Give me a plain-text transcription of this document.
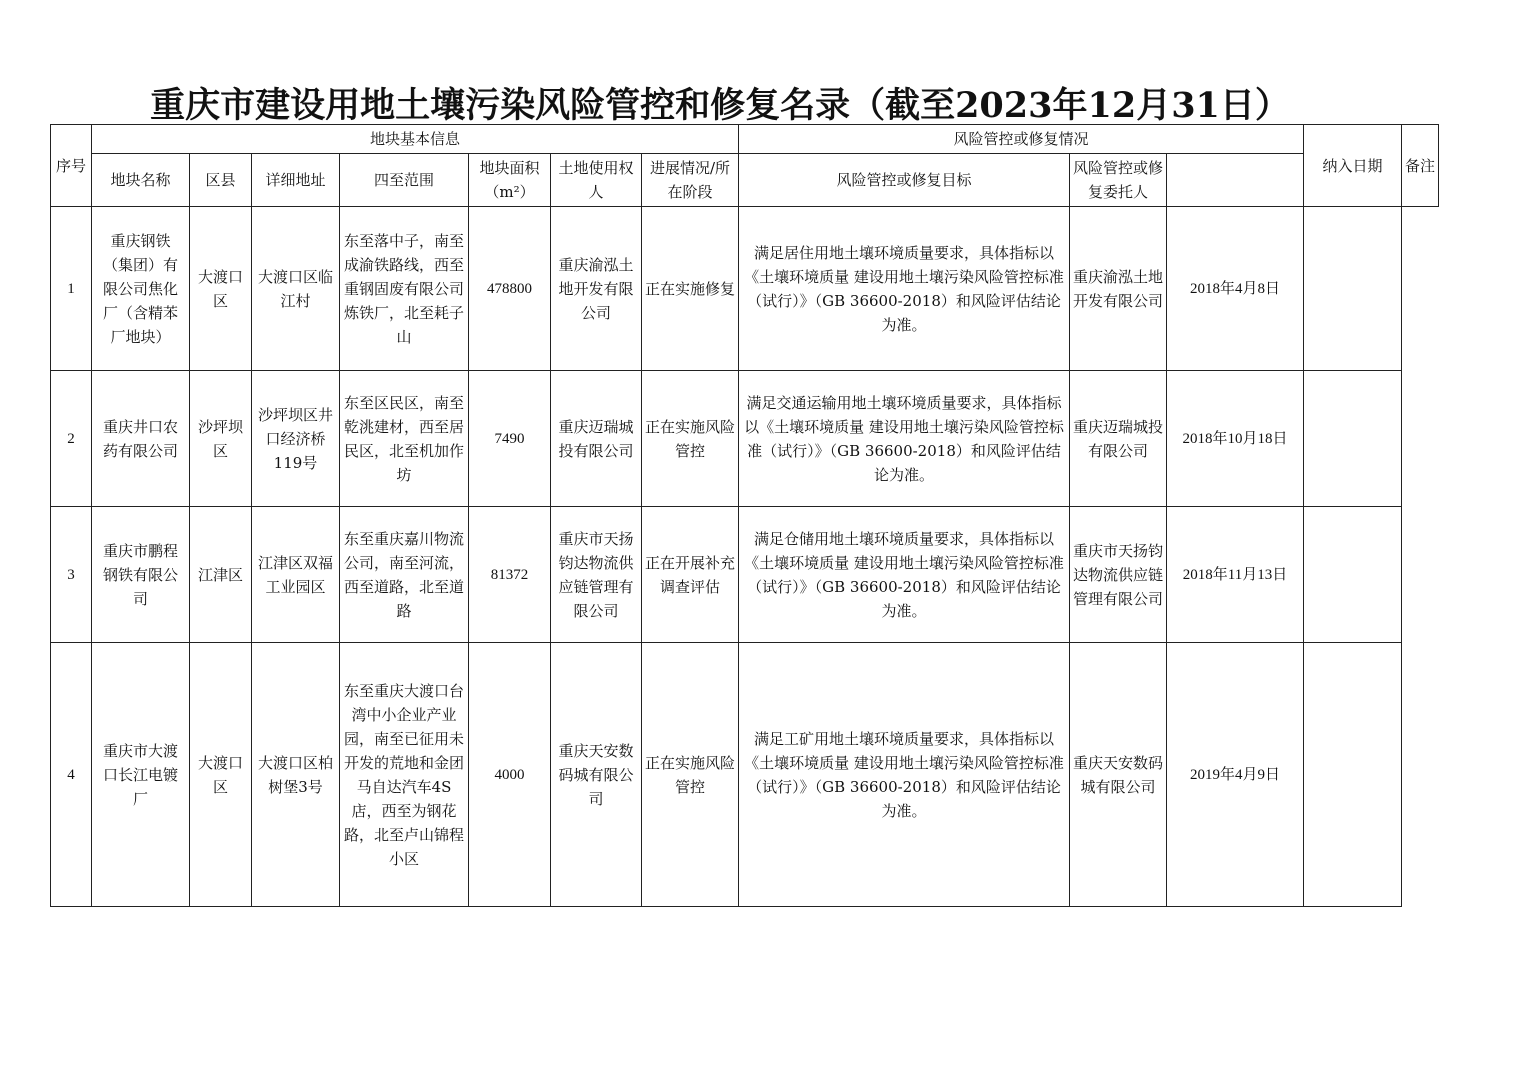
重庆市建设用地土壤污染风险管控和修复名录（截至2023年12月31日）
序号	地块基本信息							风险管控或修复情况			纳入日期	备注
	地块名称	区县	详细地址	四至范围	地块面积（m²）	土地使用权人	进展情况/所在阶段	风险管控或修复目标	风险管控或修复委托人			
1	重庆钢铁（集团）有限公司焦化厂（含精苯厂地块）	大渡口区	大渡口区临江村	东至落中子，南至成渝铁路线，西至重钢固废有限公司炼铁厂，北至耗子山	478800	重庆渝泓土地开发有限公司	正在实施修复	满足居住用地土壤环境质量要求，具体指标以《土壤环境质量 建设用地土壤污染风险管控标准（试行）》（GB 36600-2018）和风险评估结论为准。	重庆渝泓土地开发有限公司	2018年4月8日		
2	重庆井口农药有限公司	沙坪坝区	沙坪坝区井口经济桥119号	东至区民区，南至乾洮建材，西至居民区，北至机加作坊	7490	重庆迈瑞城投有限公司	正在实施风险管控	满足交通运输用地土壤环境质量要求，具体指标以《土壤环境质量 建设用地土壤污染风险管控标准（试行）》（GB 36600-2018）和风险评估结论为准。	重庆迈瑞城投有限公司	2018年10月18日		
3	重庆市鹏程钢铁有限公司	江津区	江津区双福工业园区	东至重庆嘉川物流公司，南至河流，西至道路，北至道路	81372	重庆市天扬钧达物流供应链管理有限公司	正在开展补充调查评估	满足仓储用地土壤环境质量要求，具体指标以《土壤环境质量 建设用地土壤污染风险管控标准（试行）》（GB 36600-2018）和风险评估结论为准。	重庆市天扬钧达物流供应链管理有限公司	2018年11月13日		
4	重庆市大渡口长江电镀厂	大渡口区	大渡口区柏树堡3号	东至重庆大渡口台湾中小企业产业园，南至已征用未开发的荒地和金团马自达汽车4S店，西至为钢花路，北至卢山锦程小区	4000	重庆天安数码城有限公司	正在实施风险管控	满足工矿用地土壤环境质量要求，具体指标以《土壤环境质量 建设用地土壤污染风险管控标准（试行）》（GB 36600-2018）和风险评估结论为准。	重庆天安数码城有限公司	2019年4月9日		
